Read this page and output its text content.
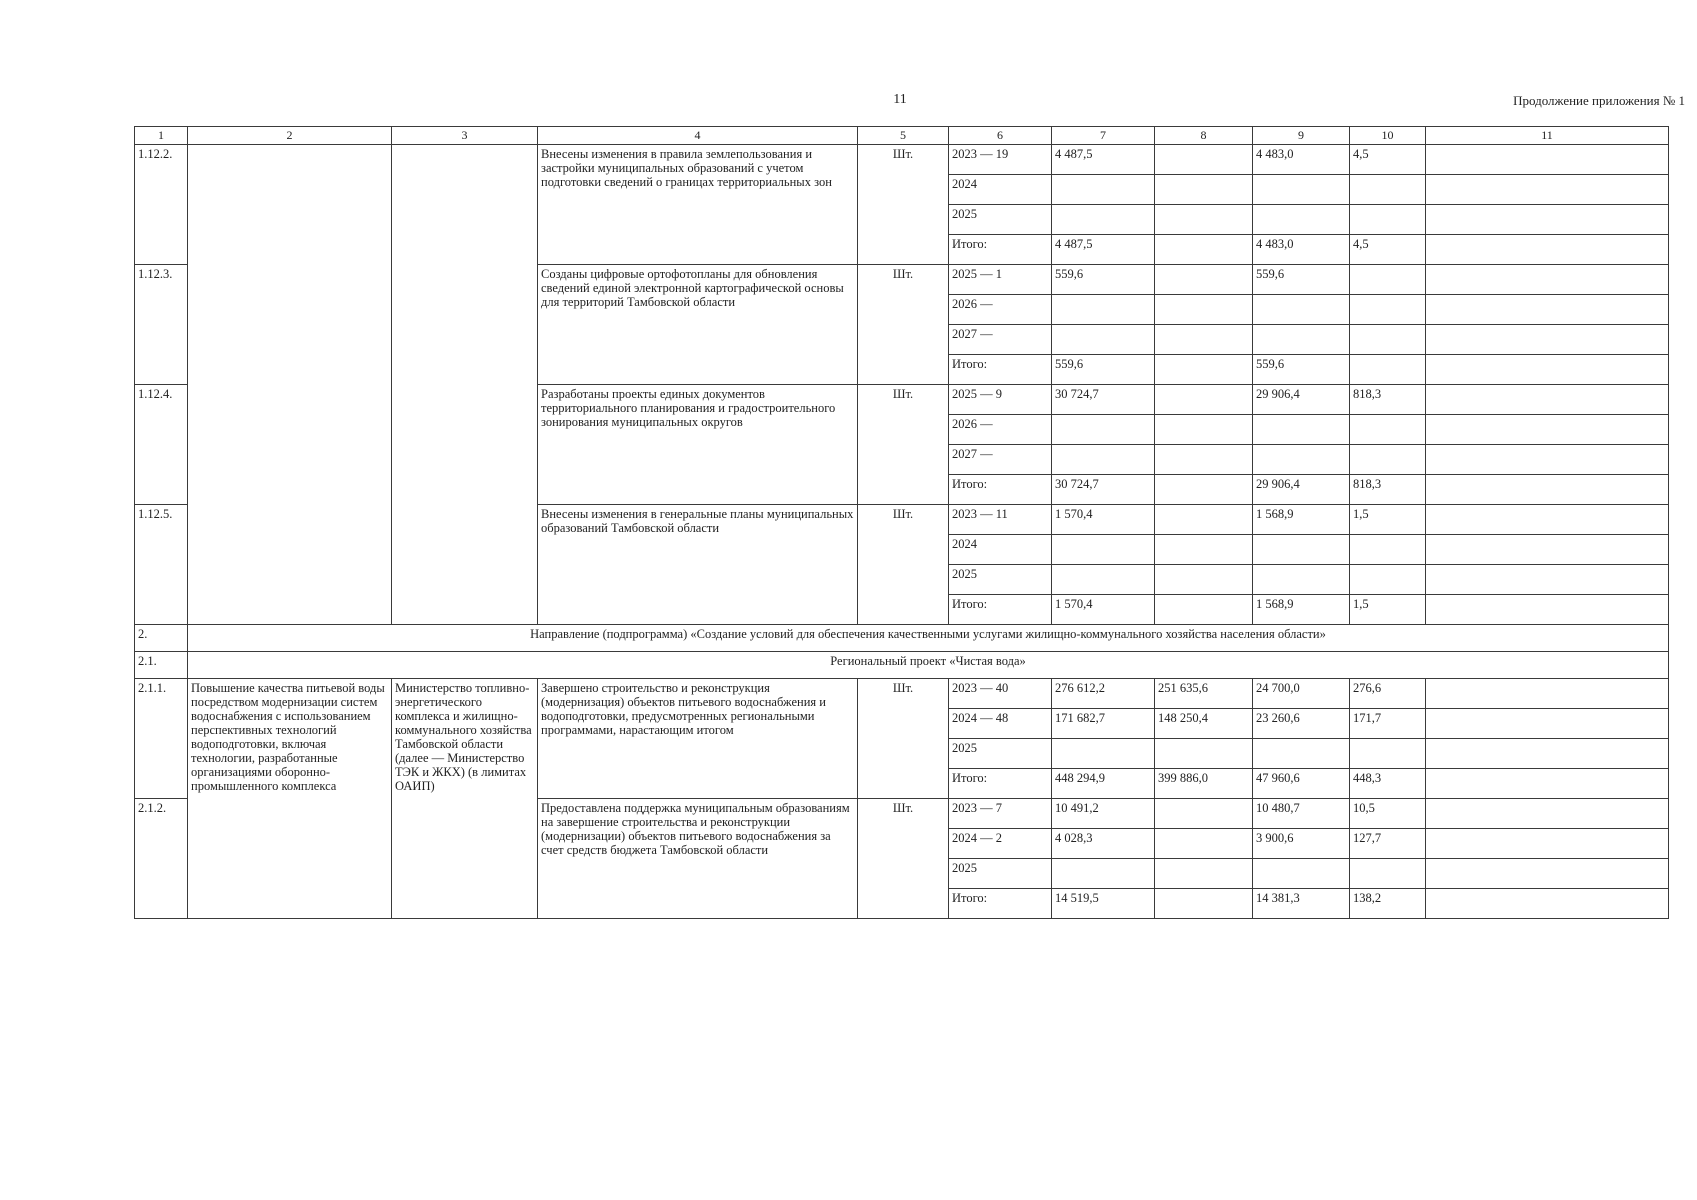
11	Продолжение приложения № 1
1	2	3	4	5	6	7	8	9	10	11
1.12.2.			Внесены изменения в правила землепользования и застройки муниципальных образований с учетом подготовки сведений о границах территориальных зон	Шт.	2023 — 19	4 487,5		4 483,0	4,5	
					2024					
					2025					
					Итого:	4 487,5		4 483,0	4,5	
1.12.3.			Созданы цифровые ортофотопланы для обновления сведений единой электронной картографической основы для территорий Тамбовской области	Шт.	2025 — 1	559,6		559,6		
					2026 —					
					2027 —					
					Итого:	559,6		559,6		
1.12.4.			Разработаны проекты единых документов территориального планирования и градостроительного зонирования муниципальных округов	Шт.	2025 — 9	30 724,7		29 906,4	818,3	
					2026 —					
					2027 —					
					Итого:	30 724,7		29 906,4	818,3	
1.12.5.			Внесены изменения в генеральные планы муниципальных образований Тамбовской области	Шт.	2023 — 11	1 570,4		1 568,9	1,5	
					2024					
					2025					
					Итого:	1 570,4		1 568,9	1,5	
2.	Направление (подпрограмма) «Создание условий для обеспечения качественными услугами жилищно-коммунального хозяйства населения области»									
2.1.	Региональный проект «Чистая вода»									
2.1.1.	Повышение качества питьевой воды посредством модернизации систем водоснабжения с использованием перспективных технологий водоподготовки, включая технологии, разработанные организациями оборонно-промышленного комплекса	Министерство топливно-энергетического комплекса и жилищно-коммунального хозяйства Тамбовской области (далее — Министерство ТЭК и ЖКХ) (в лимитах ОАИП)	Завершено строительство и реконструкция (модернизация) объектов питьевого водоснабжения и водоподготовки, предусмотренных региональными программами, нарастающим итогом	Шт.	2023 — 40	276 612,2	251 635,6	24 700,0	276,6	
					2024 — 48	171 682,7	148 250,4	23 260,6	171,7	
					2025					
					Итого:	448 294,9	399 886,0	47 960,6	448,3	
2.1.2.			Предоставлена поддержка муниципальным образованиям на завершение строительства и реконструкции (модернизации) объектов питьевого водоснабжения за счет средств бюджета Тамбовской области	Шт.	2023 — 7	10 491,2		10 480,7	10,5	
					2024 — 2	4 028,3		3 900,6	127,7	
					2025					
					Итого:	14 519,5		14 381,3	138,2	
